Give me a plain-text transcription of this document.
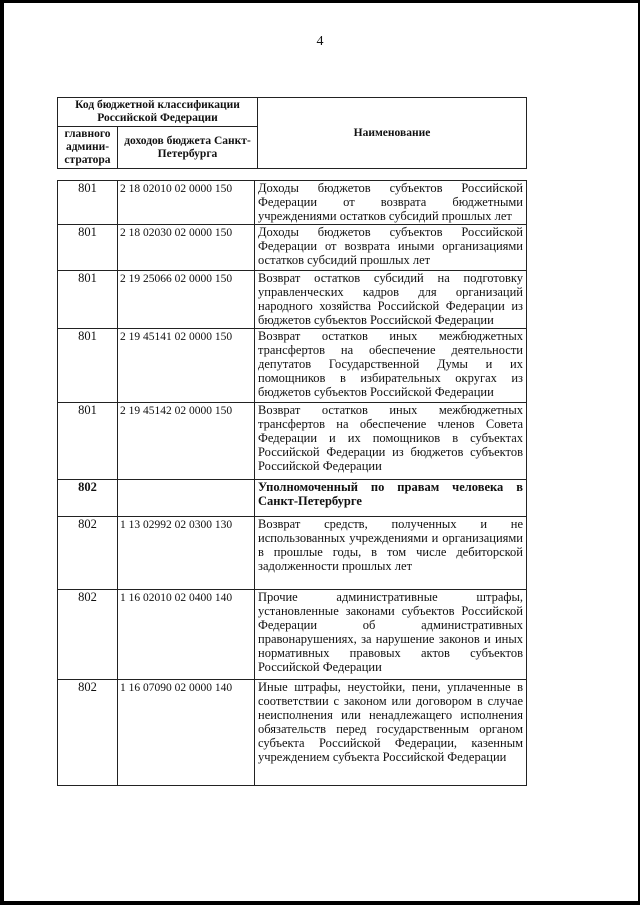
4
Код бюджетной классификации Российской Федерации		Наименование
главного админи- стратора	доходов бюджета Санкт-Петербурга	
801	2 18 02010 02 0000 150	Доходы бюджетов субъектов Российской Федерации от возврата бюджетными учреждениями остатков субсидий прошлых лет
801	2 18 02030 02 0000 150	Доходы бюджетов субъектов Российской Федерации от возврата иными организациями остатков субсидий прошлых лет
801	2 19 25066 02 0000 150	Возврат остатков субсидий на подготовку управленческих кадров для организаций народного хозяйства Российской Федерации из бюджетов субъектов Российской Федерации
801	2 19 45141 02 0000 150	Возврат остатков иных межбюджетных трансфертов на обеспечение деятельности депутатов Государственной Думы и их помощников в избирательных округах из бюджетов субъектов Российской Федерации
801	2 19 45142 02 0000 150	Возврат остатков иных межбюджетных трансфертов на обеспечение членов Совета Федерации и их помощников в субъектах Российской Федерации из бюджетов субъектов Российской Федерации
802		Уполномоченный по правам человека в Санкт-Петербурге
802	1 13 02992 02 0300 130	Возврат средств, полученных и не использованных учреждениями и организациями в прошлые годы, в том числе дебиторской задолженности прошлых лет
802	1 16 02010 02 0400 140	Прочие административные штрафы, установленные законами субъектов Российской Федерации об административных правонарушениях, за нарушение законов и иных нормативных правовых актов субъектов Российской Федерации
802	1 16 07090 02 0000 140	Иные штрафы, неустойки, пени, уплаченные в соответствии с законом или договором в случае неисполнения или ненадлежащего исполнения обязательств перед государственным органом субъекта Российской Федерации, казенным учреждением субъекта Российской Федерации
